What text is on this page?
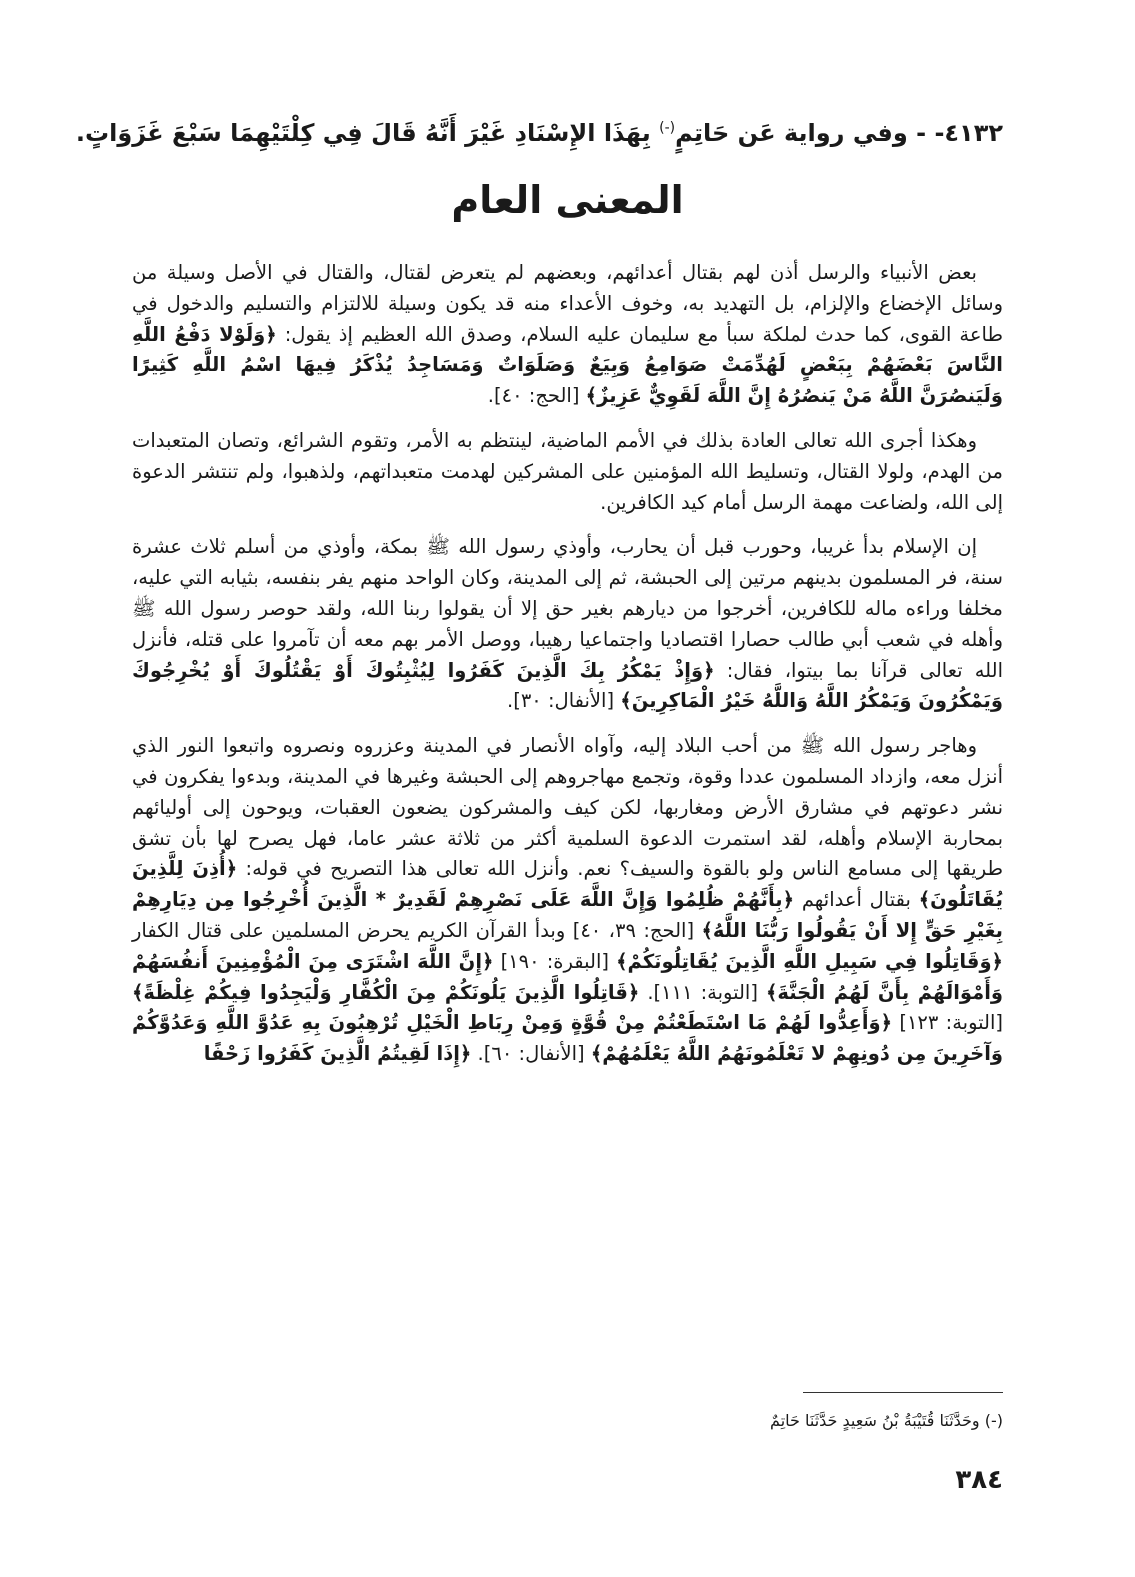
٤١٣٢- - وفي رواية عَن حَاتِمٍ(-) بِهَذَا الإِسْنَادِ غَيْرَ أَنَّهُ قَالَ فِي كِلْتَيْهِمَا سَبْعَ غَزَوَاتٍ.
المعنى العام

بعض الأنبياء والرسل أذن لهم بقتال أعدائهم، وبعضهم لم يتعرض لقتال، والقتال في الأصل وسيلة من وسائل الإخضاع والإلزام، بل التهديد به، وخوف الأعداء منه قد يكون وسيلة للالتزام والتسليم والدخول في طاعة القوى، كما حدث لملكة سبأ مع سليمان عليه السلام، وصدق الله العظيم إذ يقول: ﴿وَلَوْلا دَفْعُ اللَّهِ النَّاسَ بَعْضَهُمْ بِبَعْضٍ لَهُدِّمَتْ صَوَامِعُ وَبِيَعٌ وَصَلَوَاتٌ وَمَسَاجِدُ يُذْكَرُ فِيهَا اسْمُ اللَّهِ كَثِيرًا وَلَيَنصُرَنَّ اللَّهُ مَنْ يَنصُرُهُ إِنَّ اللَّهَ لَقَوِيٌّ عَزِيزٌ﴾ [الحج: ٤٠].

وهكذا أجرى الله تعالى العادة بذلك في الأمم الماضية، لينتظم به الأمر، وتقوم الشرائع، وتصان المتعبدات من الهدم، ولولا القتال، وتسليط الله المؤمنين على المشركين لهدمت متعبداتهم، ولذهبوا، ولم تنتشر الدعوة إلى الله، ولضاعت مهمة الرسل أمام كيد الكافرين.

إن الإسلام بدأ غريبا، وحورب قبل أن يحارب، وأوذي رسول الله ﷺ بمكة، وأوذي من أسلم ثلاث عشرة سنة، فر المسلمون بدينهم مرتين إلى الحبشة، ثم إلى المدينة، وكان الواحد منهم يفر بنفسه، بثيابه التي عليه، مخلفا وراءه ماله للكافرين، أخرجوا من ديارهم بغير حق إلا أن يقولوا ربنا الله، ولقد حوصر رسول الله ﷺ وأهله في شعب أبي طالب حصارا اقتصاديا واجتماعيا رهيبا، ووصل الأمر بهم معه أن تآمروا على قتله، فأنزل الله تعالى قرآنا بما بيتوا، فقال: ﴿وَإِذْ يَمْكُرُ بِكَ الَّذِينَ كَفَرُوا لِيُثْبِتُوكَ أَوْ يَقْتُلُوكَ أَوْ يُخْرِجُوكَ وَيَمْكُرُونَ وَيَمْكُرُ اللَّهُ وَاللَّهُ خَيْرُ الْمَاكِرِينَ﴾ [الأنفال: ٣٠].

وهاجر رسول الله ﷺ من أحب البلاد إليه، وآواه الأنصار في المدينة وعزروه ونصروه واتبعوا النور الذي أنزل معه، وازداد المسلمون عددا وقوة، وتجمع مهاجروهم إلى الحبشة وغيرها في المدينة، وبدءوا يفكرون في نشر دعوتهم في مشارق الأرض ومغاربها، لكن كيف والمشركون يضعون العقبات، ويوحون إلى أوليائهم بمحاربة الإسلام وأهله، لقد استمرت الدعوة السلمية أكثر من ثلاثة عشر عاما، فهل يصرح لها بأن تشق طريقها إلى مسامع الناس ولو بالقوة والسيف؟ نعم. وأنزل الله تعالى هذا التصريح في قوله: ﴿أُذِنَ لِلَّذِينَ يُقَاتَلُونَ﴾ بقتال أعدائهم ﴿بِأَنَّهُمْ ظُلِمُوا وَإِنَّ اللَّهَ عَلَى نَصْرِهِمْ لَقَدِيرٌ * الَّذِينَ أُخْرِجُوا مِن دِيَارِهِمْ بِغَيْرِ حَقٍّ إِلا أَنْ يَقُولُوا رَبُّنَا اللَّهُ﴾ [الحج: ٣٩، ٤٠] وبدأ القرآن الكريم يحرض المسلمين على قتال الكفار ﴿وَقَاتِلُوا فِي سَبِيلِ اللَّهِ الَّذِينَ يُقَاتِلُونَكُمْ﴾ [البقرة: ١٩٠] ﴿إِنَّ اللَّهَ اشْتَرَى مِنَ الْمُؤْمِنِينَ أَنفُسَهُمْ وَأَمْوَالَهُمْ بِأَنَّ لَهُمُ الْجَنَّةَ﴾ [التوبة: ١١١]. ﴿قَاتِلُوا الَّذِينَ يَلُونَكُمْ مِنَ الْكُفَّارِ وَلْيَجِدُوا فِيكُمْ غِلْظَةً﴾ [التوبة: ١٢٣] ﴿وَأَعِدُّوا لَهُمْ مَا اسْتَطَعْتُمْ مِنْ قُوَّةٍ وَمِنْ رِبَاطِ الْخَيْلِ تُرْهِبُونَ بِهِ عَدُوَّ اللَّهِ وَعَدُوَّكُمْ وَآخَرِينَ مِن دُونِهِمْ لا تَعْلَمُونَهُمُ اللَّهُ يَعْلَمُهُمْ﴾ [الأنفال: ٦٠]. ﴿إِذَا لَقِيتُمُ الَّذِينَ كَفَرُوا زَحْفًا

(-) وحَدَّثَنَا قُتَيْبَةُ بْنُ سَعِيدٍ حَدَّثَنَا حَاتِمٌ
٣٨٤
